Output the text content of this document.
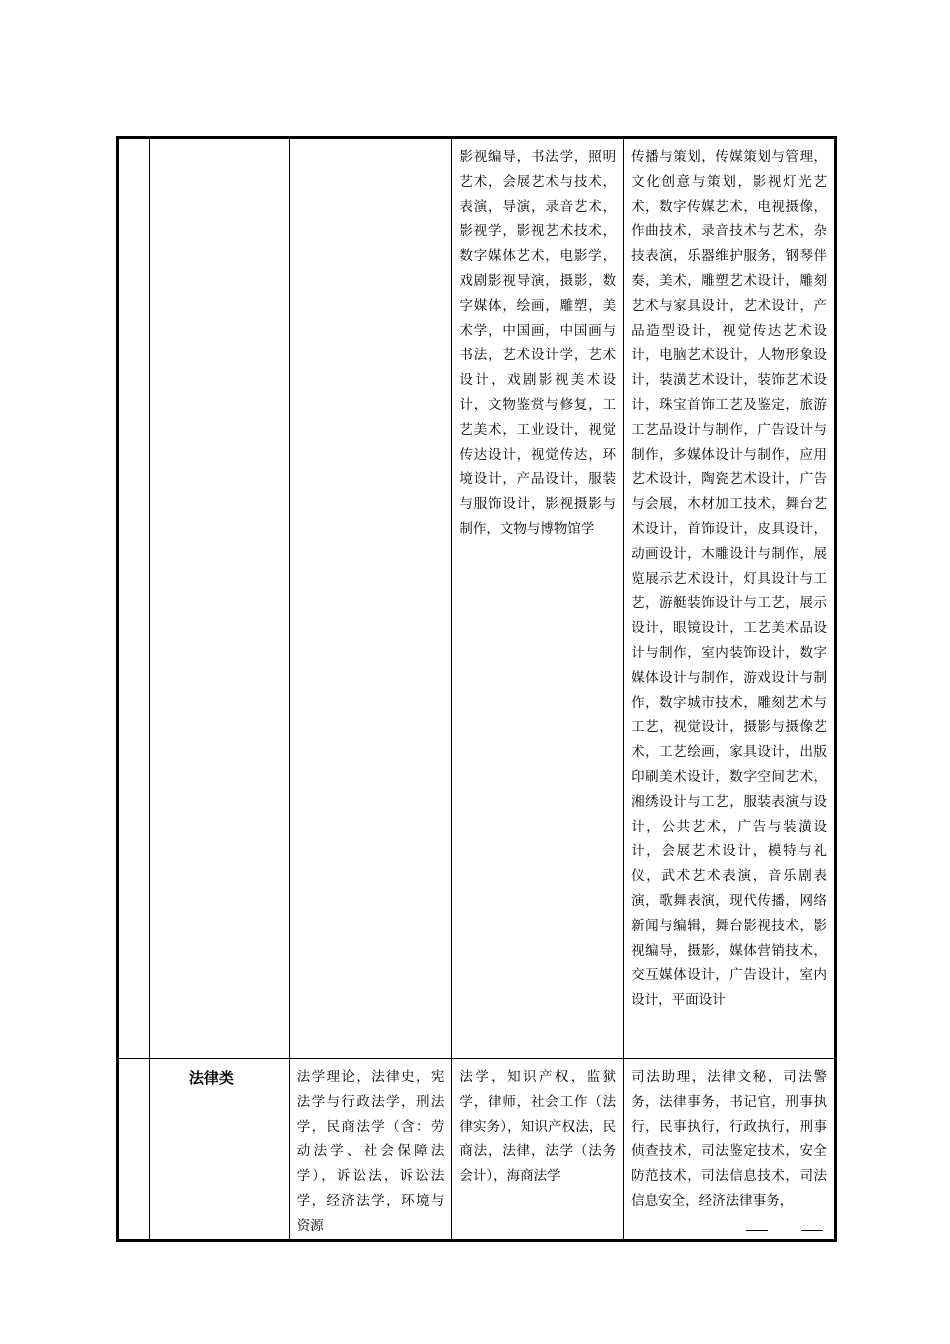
			影视编导，书法学，照明艺术，会展艺术与技术，表演，导演，录音艺术，影视学，影视艺术技术，数字媒体艺术，电影学，戏剧影视导演，摄影，数字媒体，绘画，雕塑，美术学，中国画，中国画与书法，艺术设计学，艺术设计，戏剧影视美术设计，文物鉴赏与修复，工艺美术，工业设计，视觉传达设计，视觉传达，环境设计，产品设计，服装与服饰设计，影视摄影与制作，文物与博物馆学	传播与策划，传媒策划与管理，文化创意与策划，影视灯光艺术，数字传媒艺术，电视摄像，作曲技术，录音技术与艺术，杂技表演，乐器维护服务，钢琴伴奏，美术，雕塑艺术设计，雕刻艺术与家具设计，艺术设计，产品造型设计，视觉传达艺术设计，电脑艺术设计，人物形象设计，装潢艺术设计，装饰艺术设计，珠宝首饰工艺及鉴定，旅游工艺品设计与制作，广告设计与制作，多媒体设计与制作，应用艺术设计，陶瓷艺术设计，广告与会展，木材加工技术，舞台艺术设计，首饰设计，皮具设计，动画设计，木雕设计与制作，展览展示艺术设计，灯具设计与工艺，游艇装饰设计与工艺，展示设计，眼镜设计，工艺美术品设计与制作，室内装饰设计，数字媒体设计与制作，游戏设计与制作，数字城市技术，雕刻艺术与工艺，视觉设计，摄影与摄像艺术，工艺绘画，家具设计，出版印刷美术设计，数字空间艺术，湘绣设计与工艺，服装表演与设计，公共艺术，广告与装潢设计，会展艺术设计，模特与礼仪，武术艺术表演，音乐剧表演，歌舞表演，现代传播，网络新闻与编辑，舞台影视技术，影视编导，摄影，媒体营销技术，交互媒体设计，广告设计，室内设计，平面设计

	法律类	法学理论，法律史，宪法学与行政法学，刑法学，民商法学（含：劳动法学、社会保障法学），诉讼法，诉讼法学，经济法学，环境与资源	法学，知识产权，监狱学，律师，社会工作（法律实务），知识产权法，民商法，法律，法学（法务会计），海商法学	司法助理，法律文秘，司法警务，法律事务，书记官，刑事执行，民事执行，行政执行，刑事侦查技术，司法鉴定技术，安全防范技术，司法信息技术，司法信息安全，经济法律事务，
